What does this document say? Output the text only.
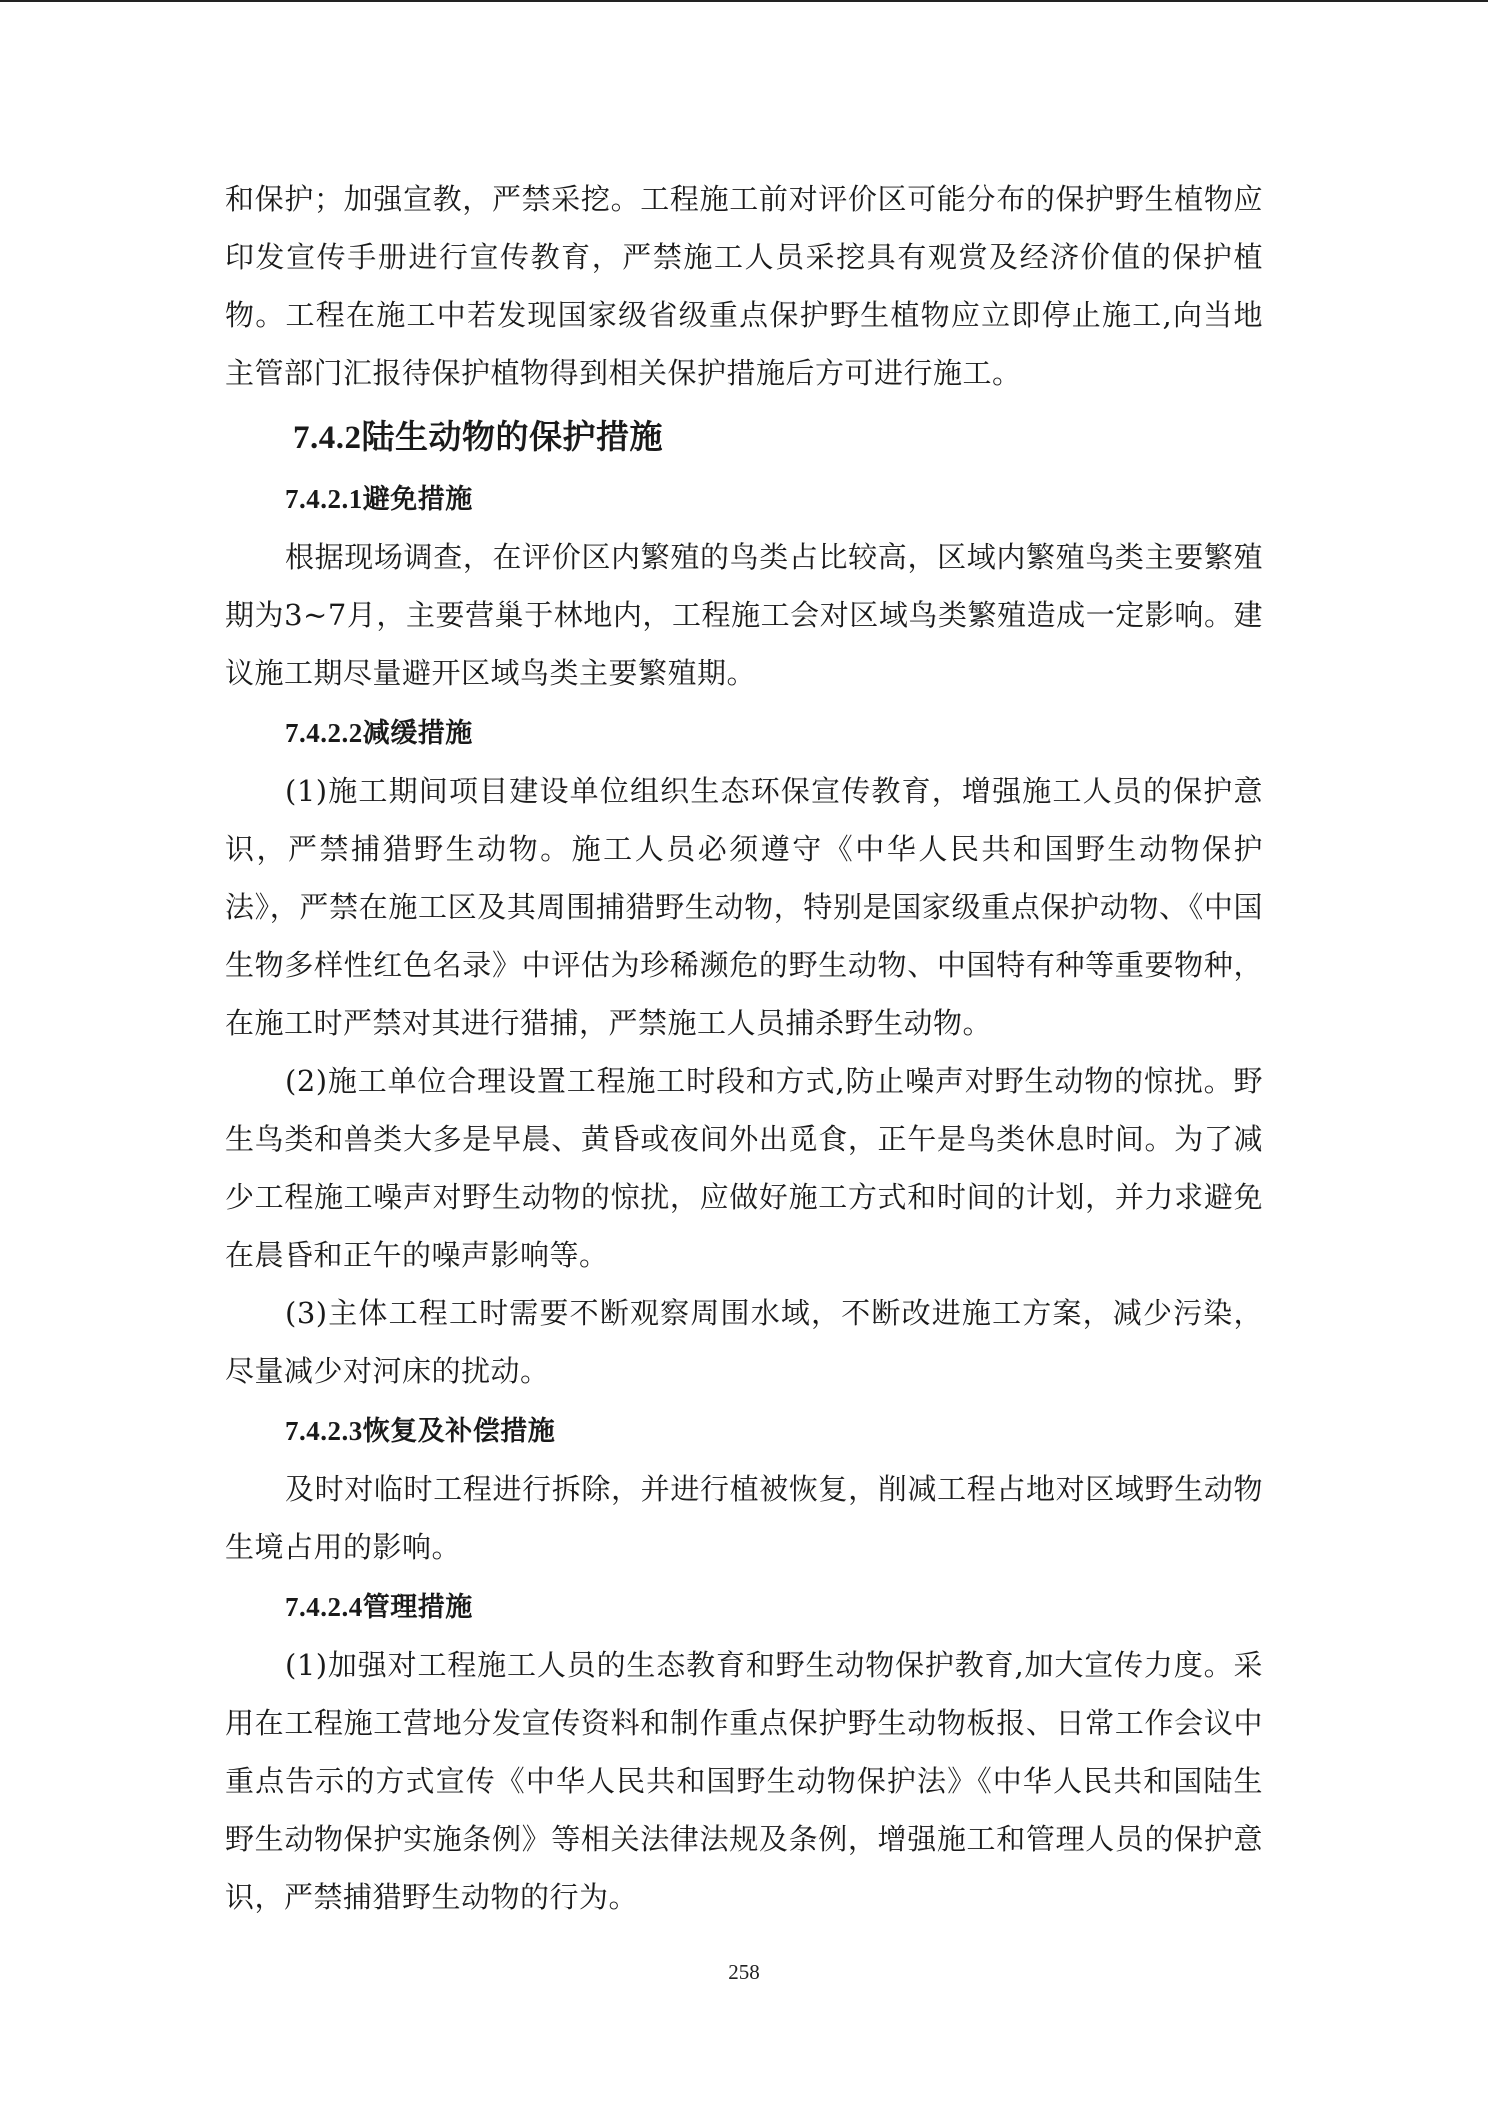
和保护；加强宣教，严禁采挖。工程施工前对评价区可能分布的保护野生植物应印发宣传手册进行宣传教育，严禁施工人员采挖具有观赏及经济价值的保护植物。工程在施工中若发现国家级省级重点保护野生植物应立即停止施工,向当地主管部门汇报待保护植物得到相关保护措施后方可进行施工。

7.4.2陆生动物的保护措施
7.4.2.1避免措施

根据现场调查，在评价区内繁殖的鸟类占比较高，区域内繁殖鸟类主要繁殖期为3~7月，主要营巢于林地内，工程施工会对区域鸟类繁殖造成一定影响。建议施工期尽量避开区域鸟类主要繁殖期。

7.4.2.2减缓措施

(1)施工期间项目建设单位组织生态环保宣传教育，增强施工人员的保护意识，严禁捕猎野生动物。施工人员必须遵守《中华人民共和国野生动物保护法》，严禁在施工区及其周围捕猎野生动物，特别是国家级重点保护动物、《中国生物多样性红色名录》中评估为珍稀濒危的野生动物、中国特有种等重要物种，在施工时严禁对其进行猎捕，严禁施工人员捕杀野生动物。

(2)施工单位合理设置工程施工时段和方式,防止噪声对野生动物的惊扰。野生鸟类和兽类大多是早晨、黄昏或夜间外出觅食，正午是鸟类休息时间。为了减少工程施工噪声对野生动物的惊扰，应做好施工方式和时间的计划，并力求避免在晨昏和正午的噪声影响等。

(3)主体工程工时需要不断观察周围水域，不断改进施工方案，减少污染，尽量减少对河床的扰动。

7.4.2.3恢复及补偿措施

及时对临时工程进行拆除，并进行植被恢复，削减工程占地对区域野生动物生境占用的影响。

7.4.2.4管理措施

(1)加强对工程施工人员的生态教育和野生动物保护教育,加大宣传力度。采用在工程施工营地分发宣传资料和制作重点保护野生动物板报、日常工作会议中重点告示的方式宣传《中华人民共和国野生动物保护法》《中华人民共和国陆生野生动物保护实施条例》等相关法律法规及条例，增强施工和管理人员的保护意识，严禁捕猎野生动物的行为。

258
